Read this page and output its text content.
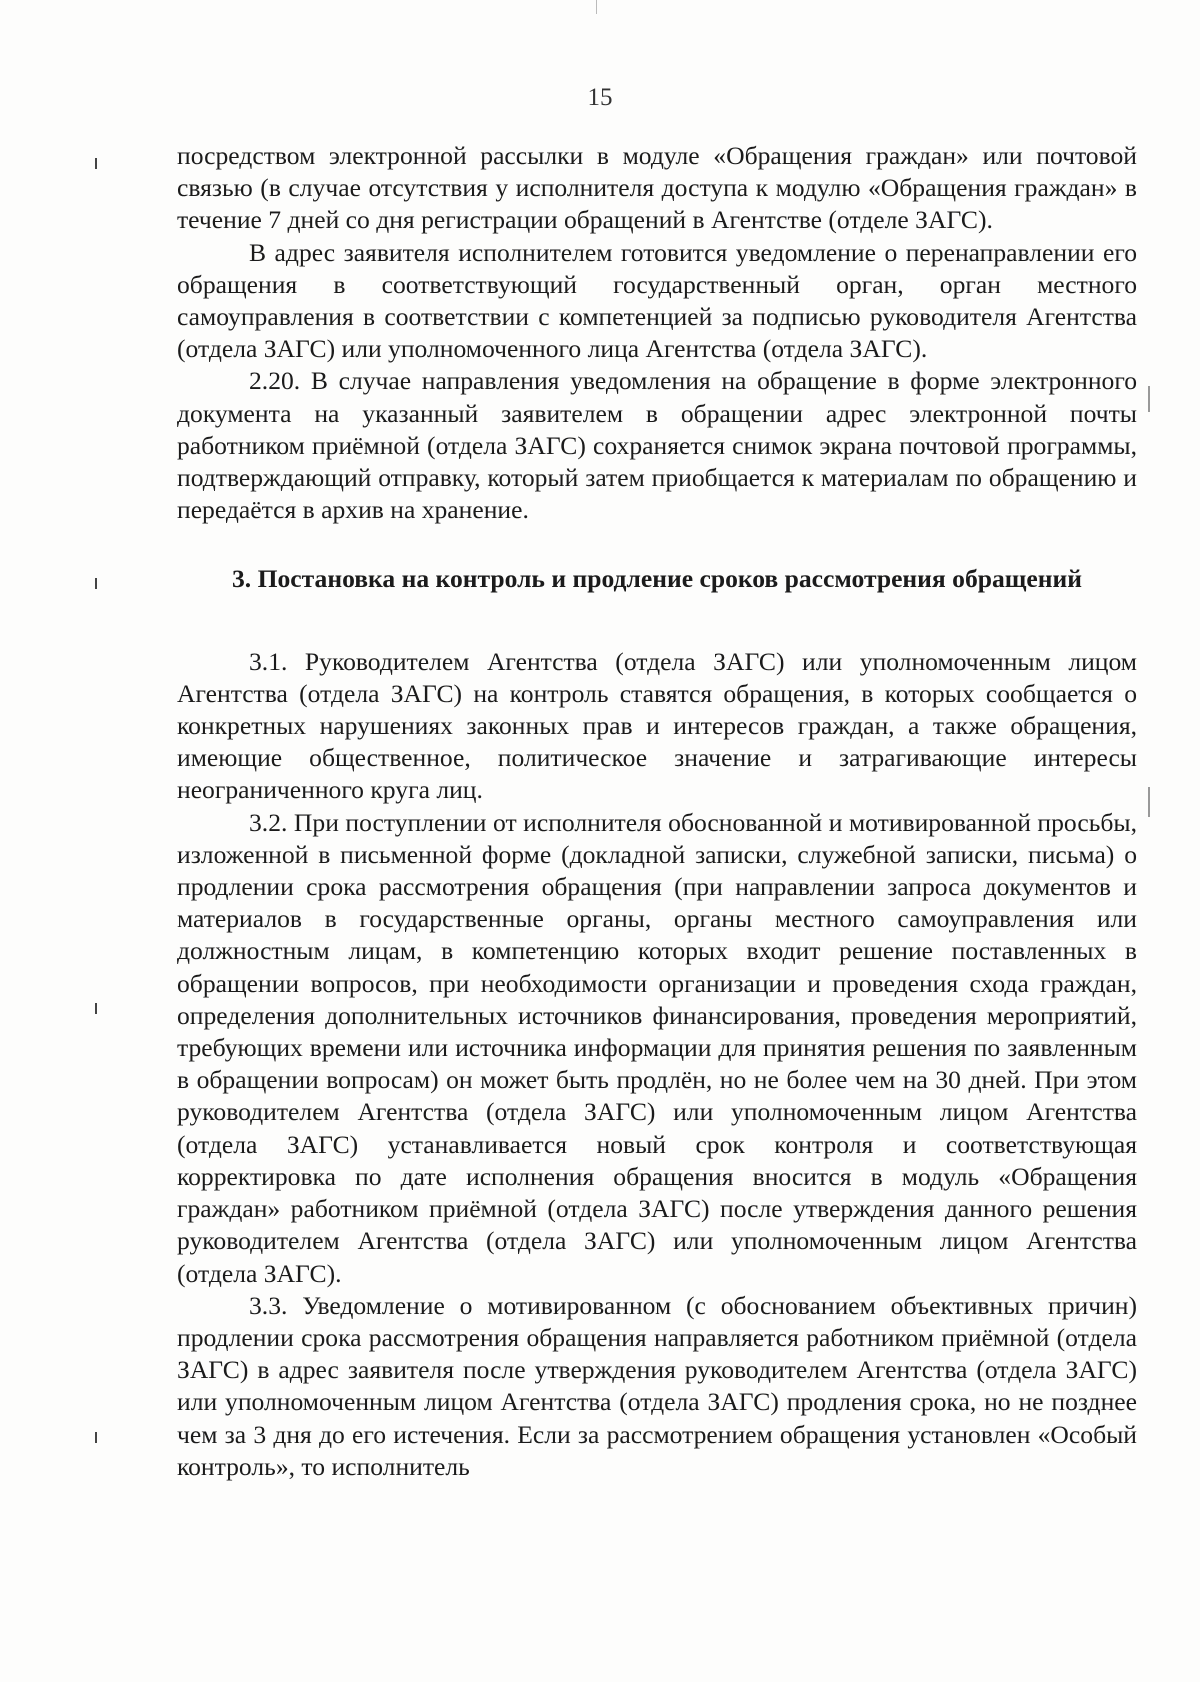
15

посредством электронной рассылки в модуле «Обращения граждан» или почтовой связью (в случае отсутствия у исполнителя доступа к модулю «Обращения граждан» в течение 7 дней со дня регистрации обращений в Агентстве (отделе ЗАГС).

В адрес заявителя исполнителем готовится уведомление о перенаправлении его обращения в соответствующий государственный орган, орган местного самоуправления в соответствии с компетенцией за подписью руководителя Агентства (отдела ЗАГС) или уполномоченного лица Агентства (отдела ЗАГС).

2.20. В случае направления уведомления на обращение в форме электронного документа на указанный заявителем в обращении адрес электронной почты работником приёмной (отдела ЗАГС) сохраняется снимок экрана почтовой программы, подтверждающий отправку, который затем приобщается к материалам по обращению и передаётся в архив на хранение.

3. Постановка на контроль и продление сроков рассмотрения обращений

3.1. Руководителем Агентства (отдела ЗАГС) или уполномоченным лицом Агентства (отдела ЗАГС) на контроль ставятся обращения, в которых сообщается о конкретных нарушениях законных прав и интересов граждан, а также обращения, имеющие общественное, политическое значение и затрагивающие интересы неограниченного круга лиц.

3.2. При поступлении от исполнителя обоснованной и мотивированной просьбы, изложенной в письменной форме (докладной записки, служебной записки, письма) о продлении срока рассмотрения обращения (при направлении запроса документов и материалов в государственные органы, органы местного самоуправления или должностным лицам, в компетенцию которых входит решение поставленных в обращении вопросов, при необходимости организации и проведения схода граждан, определения дополнительных источников финансирования, проведения мероприятий, требующих времени или источника информации для принятия решения по заявленным в обращении вопросам) он может быть продлён, но не более чем на 30 дней. При этом руководителем Агентства (отдела ЗАГС) или уполномоченным лицом Агентства (отдела ЗАГС) устанавливается новый срок контроля и соответствующая корректировка по дате исполнения обращения вносится в модуль «Обращения граждан» работником приёмной (отдела ЗАГС) после утверждения данного решения руководителем Агентства (отдела ЗАГС) или уполномоченным лицом Агентства (отдела ЗАГС).

3.3. Уведомление о мотивированном (с обоснованием объективных причин) продлении срока рассмотрения обращения направляется работником приёмной (отдела ЗАГС) в адрес заявителя после утверждения руководителем Агентства (отдела ЗАГС) или уполномоченным лицом Агентства (отдела ЗАГС) продления срока, но не позднее чем за 3 дня до его истечения. Если за рассмотрением обращения установлен «Особый контроль», то исполнитель
